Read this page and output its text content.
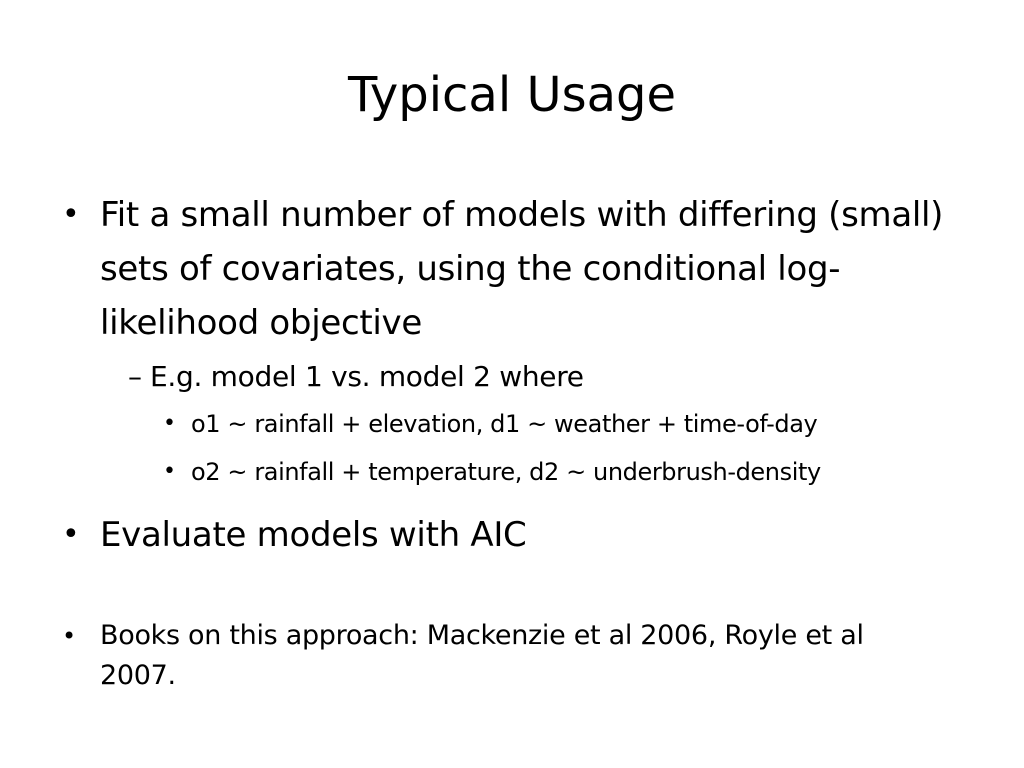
Typical Usage
• Fit a small number of models with differing (small) sets of covariates, using the conditional log-likelihood objective
– E.g. model 1 vs. model 2 where
• o1 ~ rainfall + elevation, d1 ~ weather + time-of-day
• o2 ~ rainfall + temperature, d2 ~ underbrush-density
• Evaluate models with AIC
• Books on this approach: Mackenzie et al 2006, Royle et al 2007.
